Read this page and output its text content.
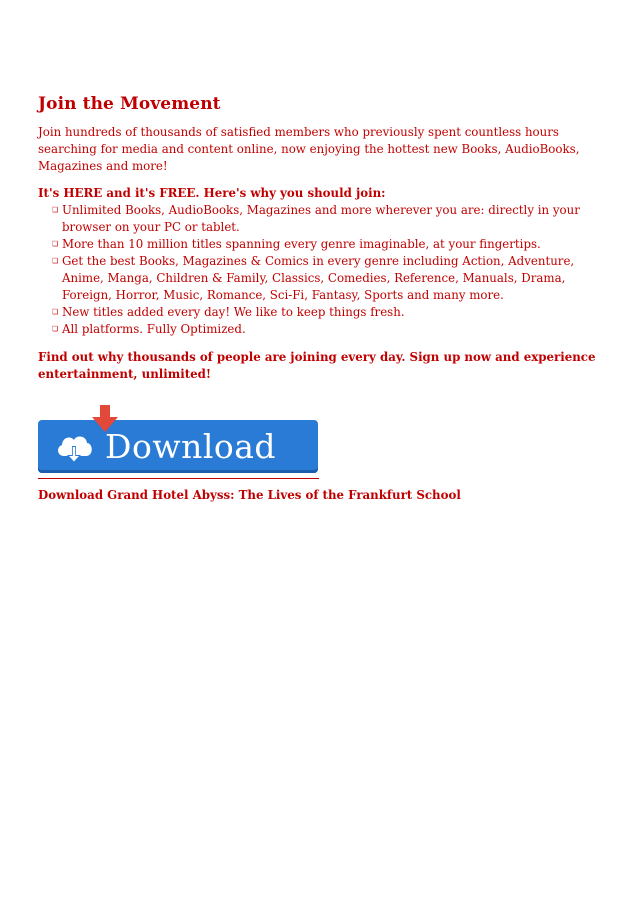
Join the Movement

Join hundreds of thousands of satisfied members who previously spent countless hours searching for media and content online, now enjoying the hottest new Books, AudioBooks, Magazines and more!

It's HERE and it's FREE. Here's why you should join:

❏ Unlimited Books, AudioBooks, Magazines and more wherever you are: directly in your browser on your PC or tablet.
❏ More than 10 million titles spanning every genre imaginable, at your fingertips.
❏ Get the best Books, Magazines & Comics in every genre including Action, Adventure, Anime, Manga, Children & Family, Classics, Comedies, Reference, Manuals, Drama, Foreign, Horror, Music, Romance, Sci-Fi, Fantasy, Sports and many more.
❏ New titles added every day! We like to keep things fresh.
❏ All platforms. Fully Optimized.

Find out why thousands of people are joining every day. Sign up now and experience entertainment, unlimited!

Download
Download Grand Hotel Abyss: The Lives of the Frankfurt School
